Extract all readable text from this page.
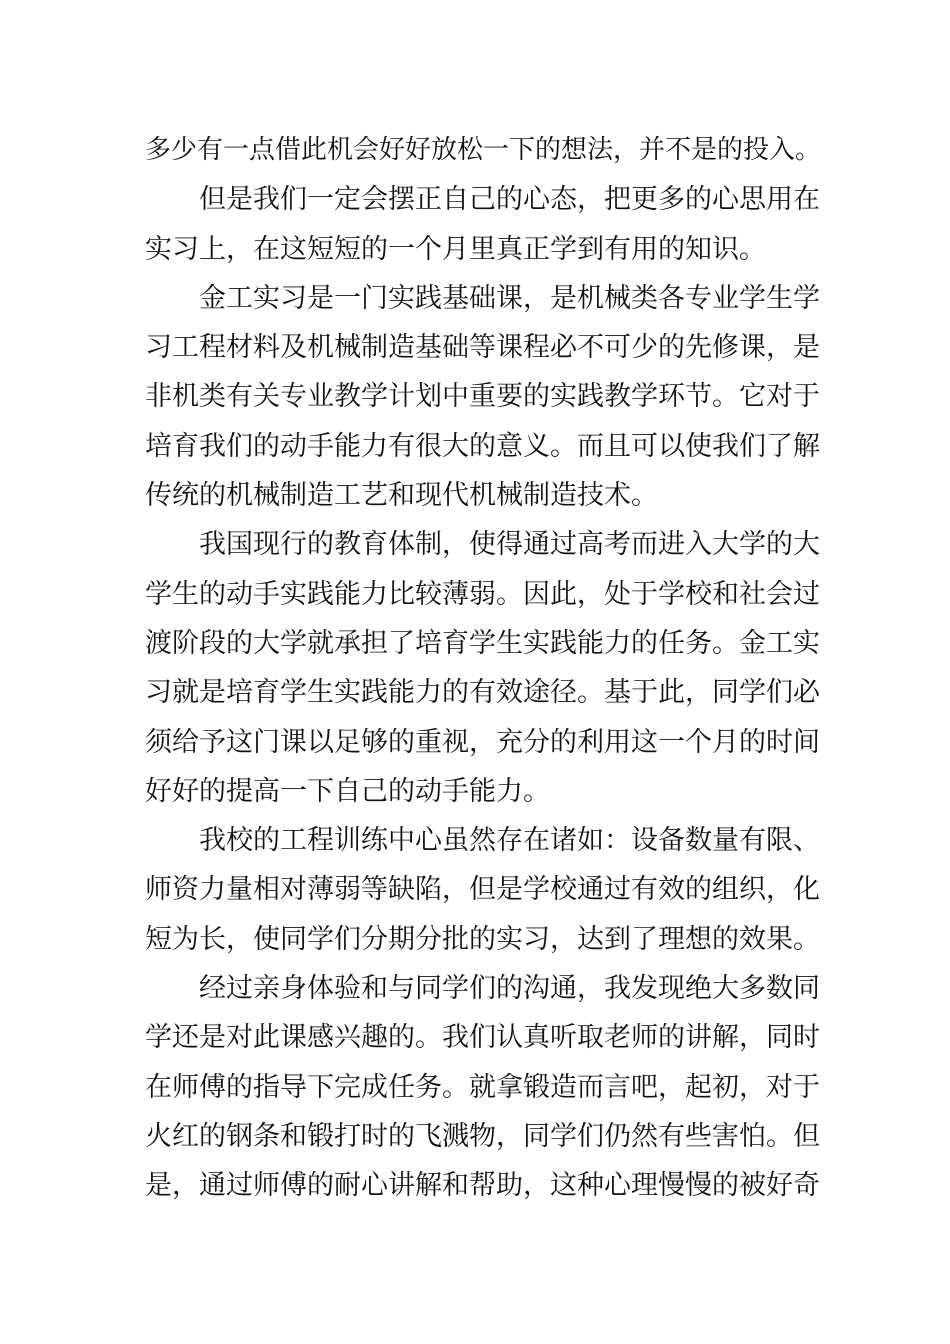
多少有一点借此机会好好放松一下的想法，并不是的投入。
但是我们一定会摆正自己的心态，把更多的心思用在
实习上，在这短短的一个月里真正学到有用的知识。
金工实习是一门实践基础课，是机械类各专业学生学
习工程材料及机械制造基础等课程必不可少的先修课，是
非机类有关专业教学计划中重要的实践教学环节。它对于
培育我们的动手能力有很大的意义。而且可以使我们了解
传统的机械制造工艺和现代机械制造技术。
我国现行的教育体制，使得通过高考而进入大学的大
学生的动手实践能力比较薄弱。因此，处于学校和社会过
渡阶段的大学就承担了培育学生实践能力的任务。金工实
习就是培育学生实践能力的有效途径。基于此，同学们必
须给予这门课以足够的重视，充分的利用这一个月的时间
好好的提高一下自己的动手能力。
我校的工程训练中心虽然存在诸如：设备数量有限、
师资力量相对薄弱等缺陷，但是学校通过有效的组织，化
短为长，使同学们分期分批的实习，达到了理想的效果。
经过亲身体验和与同学们的沟通，我发现绝大多数同
学还是对此课感兴趣的。我们认真听取老师的讲解，同时
在师傅的指导下完成任务。就拿锻造而言吧，起初，对于
火红的钢条和锻打时的飞溅物，同学们仍然有些害怕。但
是，通过师傅的耐心讲解和帮助，这种心理慢慢的被好奇
